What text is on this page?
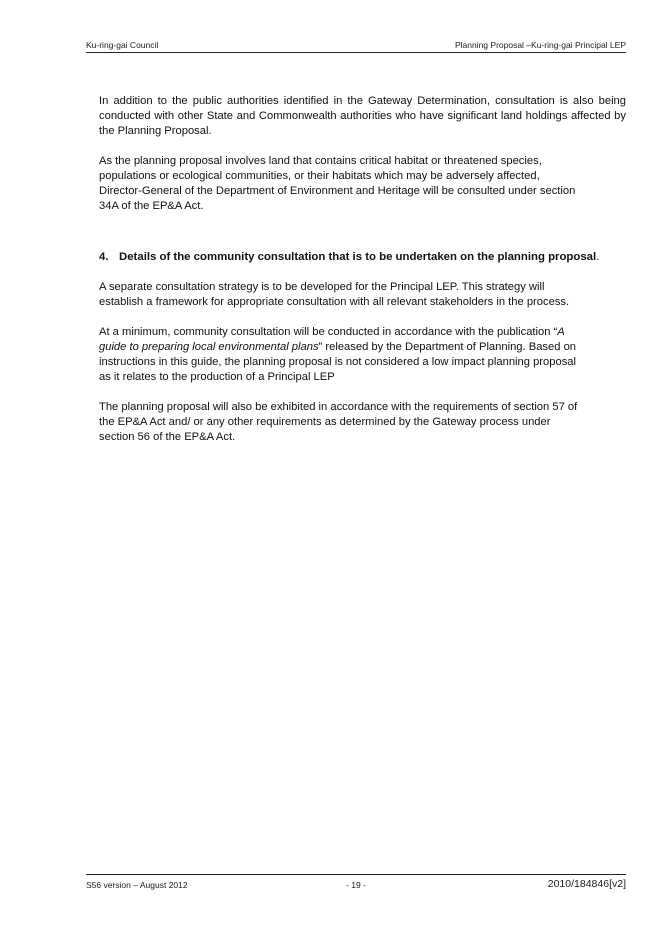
Ku-ring-gai Council	Planning Proposal –Ku-ring-gai Principal LEP

In addition to the public authorities identified in the Gateway Determination, consultation is also being conducted with other State and Commonwealth authorities who have significant land holdings affected by the Planning Proposal.

As the planning proposal involves land that contains critical habitat or threatened species,
populations or ecological communities, or their habitats which may be adversely affected,
Director-General of the Department of Environment and Heritage will be consulted under section
34A of the EP&A Act.

4. Details of the community consultation that is to be undertaken on the planning proposal.

A separate consultation strategy is to be developed for the Principal LEP. This strategy will
establish a framework for appropriate consultation with all relevant stakeholders in the process.

At a minimum, community consultation will be conducted in accordance with the publication “A
guide to preparing local environmental plans” released by the Department of Planning. Based on
instructions in this guide, the planning proposal is not considered a low impact planning proposal
as it relates to the production of a Principal LEP

The planning proposal will also be exhibited in accordance with the requirements of section 57 of
the EP&A Act and/ or any other requirements as determined by the Gateway process under
section 56 of the EP&A Act.

S56 version – August 2012	- 19 -	2010/184846[v2]
